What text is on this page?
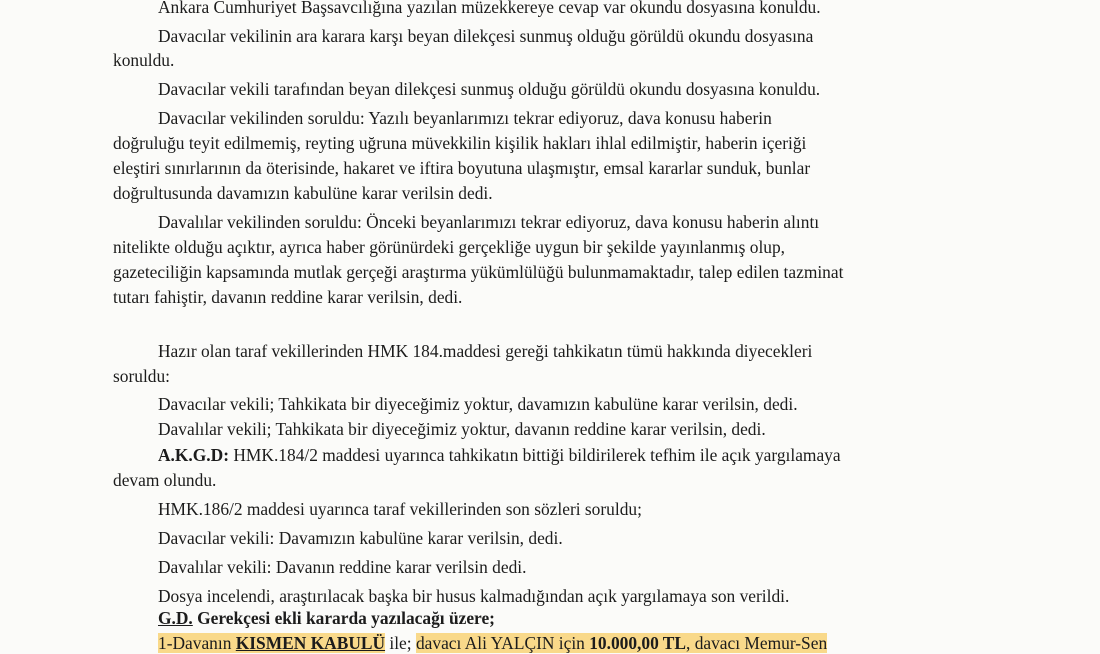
Ankara Cumhuriyet Başsavcılığına yazılan müzekkereye cevap var okundu dosyasına konuldu.
Davacılar vekilinin ara karara karşı beyan dilekçesi sunmuş olduğu görüldü okundu dosyasına
konuldu.
Davacılar vekili tarafından beyan dilekçesi sunmuş olduğu görüldü okundu dosyasına konuldu.
Davacılar vekilinden soruldu: Yazılı beyanlarımızı tekrar ediyoruz, dava konusu haberin
doğruluğu teyit edilmemiş, reyting uğruna müvekkilin kişilik hakları ihlal edilmiştir, haberin içeriği
eleştiri sınırlarının da öterisinde, hakaret ve iftira boyutuna ulaşmıştır, emsal kararlar sunduk, bunlar
doğrultusunda davamızın kabulüne karar verilsin dedi.
Davalılar vekilinden soruldu: Önceki beyanlarımızı tekrar ediyoruz, dava konusu haberin alıntı
nitelikte olduğu açıktır, ayrıca haber görünürdeki gerçekliğe uygun bir şekilde yayınlanmış olup,
gazeteciliğin kapsamında mutlak gerçeği araştırma yükümlülüğü bulunmamaktadır, talep edilen tazminat
tutarı fahiştir, davanın reddine karar verilsin, dedi.
Hazır olan taraf vekillerinden HMK 184.maddesi gereği tahkikatın tümü hakkında diyecekleri
soruldu:
Davacılar vekili; Tahkikata bir diyeceğimiz yoktur, davamızın kabulüne karar verilsin, dedi.
Davalılar vekili; Tahkikata bir diyeceğimiz yoktur, davanın reddine karar verilsin, dedi.
A.K.G.D: HMK.184/2 maddesi uyarınca tahkikatın bittiği bildirilerek tefhim ile açık yargılamaya
devam olundu.
HMK.186/2 maddesi uyarınca taraf vekillerinden son sözleri soruldu;
Davacılar vekili: Davamızın kabulüne karar verilsin, dedi.
Davalılar vekili: Davanın reddine karar verilsin dedi.
Dosya incelendi, araştırılacak başka bir husus kalmadığından açık yargılamaya son verildi.
G.D. Gerekçesi ekli kararda yazılacağı üzere;
1-Davanın KISMEN KABULÜ ile; davacı Ali YALÇIN için 10.000,00 TL, davacı Memur-Sen
